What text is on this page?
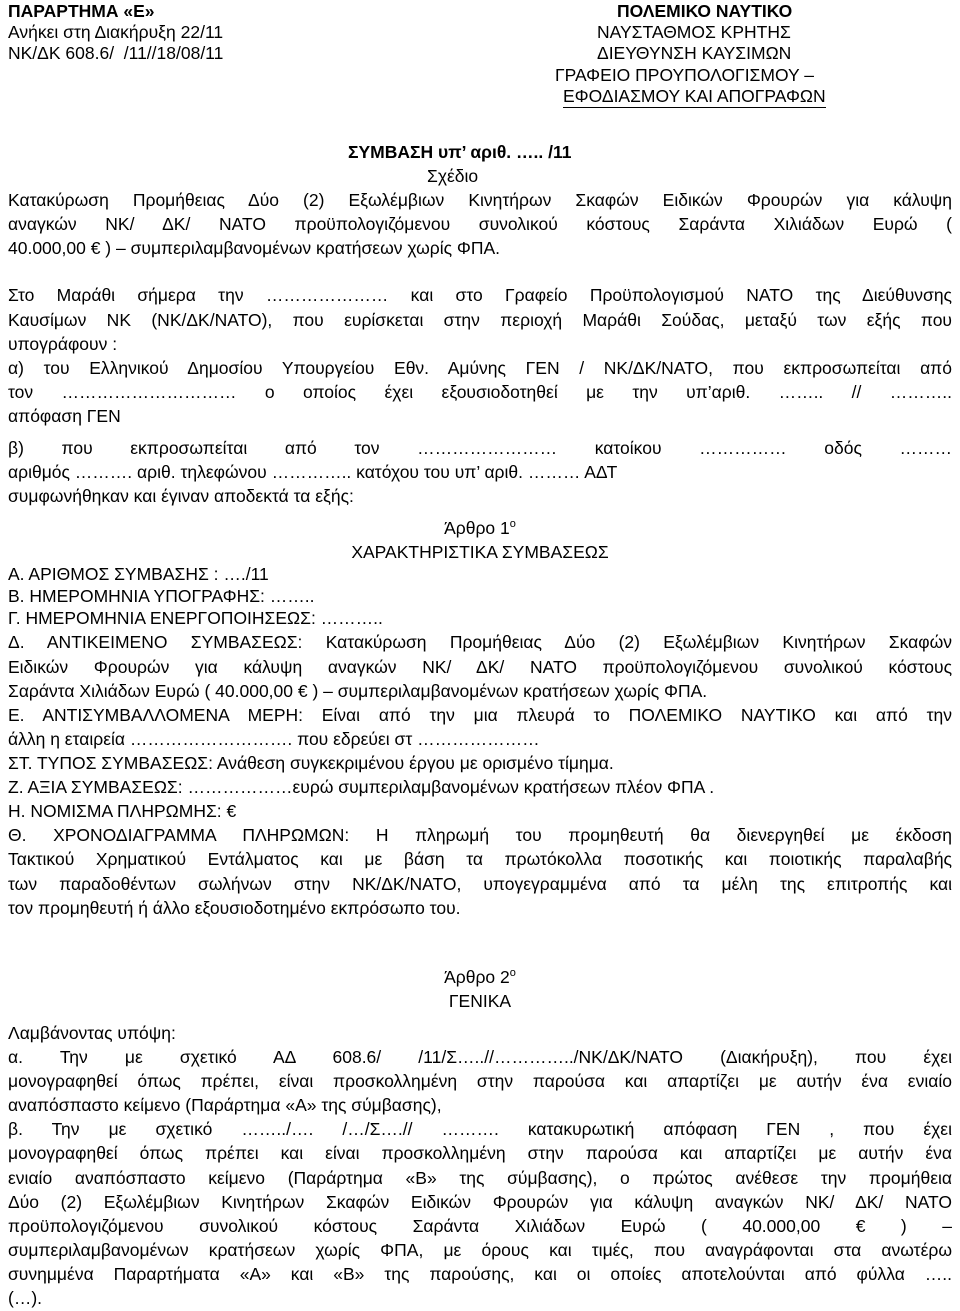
ΠΑΡΑΡΤΗΜΑ «Ε»
Ανήκει στη Διακήρυξη 22/11
ΝΚ/ΔΚ 608.6/  /11//18/08/11
ΠΟΛΕΜΙΚΟ ΝΑΥΤΙΚΟ
ΝΑΥΣΤΑΘΜΟΣ ΚΡΗΤΗΣ
ΔΙΕΥΘΥΝΣΗ ΚΑΥΣΙΜΩΝ
ΓΡΑΦΕΙΟ ΠΡΟΥΠΟΛΟΓΙΣΜΟΥ –
ΕΦΟΔΙΑΣΜΟΥ ΚΑΙ ΑΠΟΓΡΑΦΩΝ
ΣΥΜΒΑΣΗ υπ’ αριθ. ….. /11
Σχέδιο
Κατακύρωση Προμήθειας Δύο (2) Εξωλέμβιων Κινητήρων Σκαφών Ειδικών Φρουρών για κάλυψη
αναγκών ΝΚ/ ΔΚ/ ΝΑΤΟ προϋπολογιζόμενου συνολικού κόστους Σαράντα Χιλιάδων Ευρώ (
40.000,00 € ) – συμπεριλαμβανομένων κρατήσεων χωρίς ΦΠΑ.
Στο Μαράθι σήμερα την ………………… και στο Γραφείο Προϋπολογισμού ΝΑΤΟ της Διεύθυνσης
Καυσίμων ΝΚ (ΝΚ/ΔΚ/ΝΑΤΟ), που ευρίσκεται στην περιοχή Μαράθι Σούδας, μεταξύ των εξής που
υπογράφουν :
α) του Ελληνικού Δημοσίου Υπουργείου Εθν. Αμύνης ΓΕΝ / ΝΚ/ΔΚ/ΝΑΤΟ, που εκπροσωπείται από
τον ………………………… ο οποίος έχει εξουσιοδοτηθεί με την υπ’αριθ. …….. // ………..
απόφαση ΓΕΝ
β) που εκπροσωπείται από τον …………………… κατοίκου …………… οδός ………
αριθμός ………. αριθ. τηλεφώνου ………….. κατόχου του υπ’ αριθ. ……… ΑΔΤ
συμφωνήθηκαν και έγιναν αποδεκτά τα εξής:
Άρθρο $1^o$
ΧΑΡΑΚΤΗΡΙΣΤΙΚΑ ΣΥΜΒΑΣΕΩΣ
Α. ΑΡΙΘΜΟΣ ΣΥΜΒΑΣΗΣ : …./11
Β. ΗΜΕΡΟΜΗΝΙΑ ΥΠΟΓΡΑΦΗΣ: ……..
Γ. ΗΜΕΡΟΜΗΝΙΑ ΕΝΕΡΓΟΠΟΙΗΣΕΩΣ: ………..
Δ. ΑΝΤΙΚΕΙΜΕΝΟ ΣΥΜΒΑΣΕΩΣ: Κατακύρωση Προμήθειας Δύο (2) Εξωλέμβιων Κινητήρων Σκαφών
Ειδικών Φρουρών για κάλυψη αναγκών ΝΚ/ ΔΚ/ ΝΑΤΟ προϋπολογιζόμενου συνολικού κόστους
Σαράντα Χιλιάδων Ευρώ ( 40.000,00 € ) – συμπεριλαμβανομένων κρατήσεων χωρίς ΦΠΑ.
Ε. ΑΝΤΙΣΥΜΒΑΛΛΟΜΕΝΑ ΜΕΡΗ: Είναι από την μια πλευρά το ΠΟΛΕΜΙΚΟ ΝΑΥΤΙΚΟ και από την
άλλη η εταιρεία ………………………. που εδρεύει στ …………………
ΣΤ. ΤΥΠΟΣ ΣΥΜΒΑΣΕΩΣ: Ανάθεση συγκεκριμένου έργου με ορισμένο τίμημα.
Ζ. ΑΞΙΑ ΣΥΜΒΑΣΕΩΣ: ………………ευρώ συμπεριλαμβανομένων κρατήσεων πλέον ΦΠΑ .
Η. ΝΟΜΙΣΜΑ ΠΛΗΡΩΜΗΣ: €
Θ. ΧΡΟΝΟΔΙΑΓΡΑΜΜΑ ΠΛΗΡΩΜΩΝ: Η πληρωμή του προμηθευτή θα διενεργηθεί με έκδοση
Τακτικού Χρηματικού Εντάλματος και με βάση τα πρωτόκολλα ποσοτικής και ποιοτικής παραλαβής
των παραδοθέντων σωλήνων στην ΝΚ/ΔΚ/ΝΑΤΟ, υπογεγραμμένα από τα μέλη της επιτροπής και
τον προμηθευτή ή άλλο εξουσιοδοτημένο εκπρόσωπο του.
Άρθρο $2^o$
ΓΕΝΙΚΑ
Λαμβάνοντας υπόψη:
α. Την με σχετικό ΑΔ 608.6/ /11/Σ…..//…………../ΝΚ/ΔΚ/ΝΑΤΟ (Διακήρυξη), που έχει
μονογραφηθεί όπως πρέπει, είναι προσκολλημένη στην παρούσα και απαρτίζει με αυτήν ένα ενιαίο
αναπόσπαστο κείμενο (Παράρτημα «Α» της σύμβασης),
β. Την με σχετικό ……../…. /…/Σ….// ………. κατακυρωτική απόφαση ΓΕΝ , που έχει
μονογραφηθεί όπως πρέπει και είναι προσκολλημένη στην παρούσα και απαρτίζει με αυτήν ένα
ενιαίο αναπόσπαστο κείμενο (Παράρτημα «Β» της σύμβασης), ο πρώτος ανέθεσε την προμήθεια
Δύο (2) Εξωλέμβιων Κινητήρων Σκαφών Ειδικών Φρουρών για κάλυψη αναγκών ΝΚ/ ΔΚ/ ΝΑΤΟ
προϋπολογιζόμενου συνολικού κόστους Σαράντα Χιλιάδων Ευρώ ( 40.000,00 € ) –
συμπεριλαμβανομένων κρατήσεων χωρίς ΦΠΑ, με όρους και τιμές, που αναγράφονται στα ανωτέρω
συνημμένα Παραρτήματα «Α» και «Β» της παρούσης, και οι οποίες αποτελούνται από φύλλα …..
(…).
